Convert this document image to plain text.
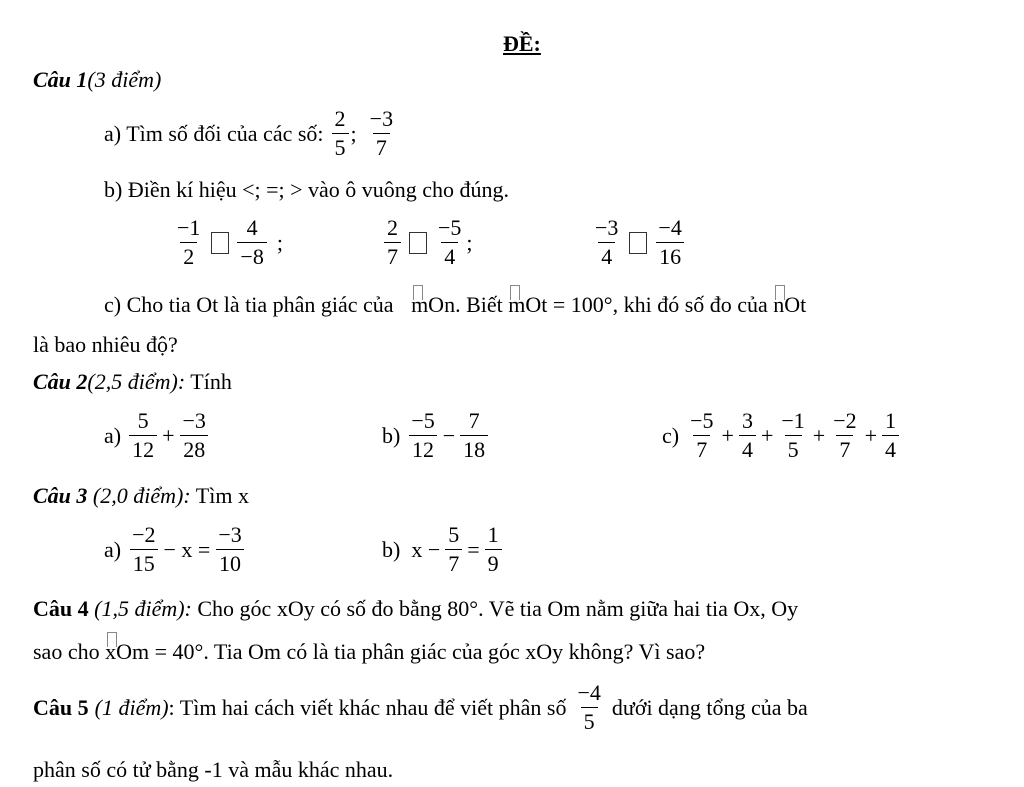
ĐỀ:
Câu 1(3 điểm)
a) Tìm số đối của các số: $\frac{2}{5}$ ; $\frac{-3}{7}$
b) Điền kí hiệu <; =; > vào ô vuông cho đúng.
$\frac{-1}{2} \frac{4}{-8}$ ;	$\frac{2}{7} \frac{-5}{4}$ ;	$\frac{-3}{4} \frac{-4}{16}$
c) Cho tia Ot là tia phân giác của mOn. Biết mOt = 100°, khi đó số đo của nOt
là bao nhiêu độ?
Câu 2(2,5 điểm): Tính
$a) \frac{5}{12} + \frac{-3}{28}$	$b) \frac{-5}{12} - \frac{7}{18}$	$c) \frac{-5}{7} + \frac{3}{4} + \frac{-1}{5} + \frac{-2}{7} + \frac{1}{4}$
Câu 3 (2,0 điểm): Tìm x
$a) \frac{-2}{15} - x = \frac{-3}{10}$	b) $x - \frac{5}{7} = \frac{1}{9}$
Câu 4 (1,5 điểm): Cho góc xOy có số đo bằng 80°. Vẽ tia Om nằm giữa hai tia Ox, Oy
sao cho xOm = 40°. Tia Om có là tia phân giác của góc xOy không? Vì sao?
Câu 5 (1 điểm) : Tìm hai cách viết khác nhau để viết phân số $\frac{-4}{5}$ dưới dạng tổng của ba
phân số có tử bằng -1 và mẫu khác nhau.
